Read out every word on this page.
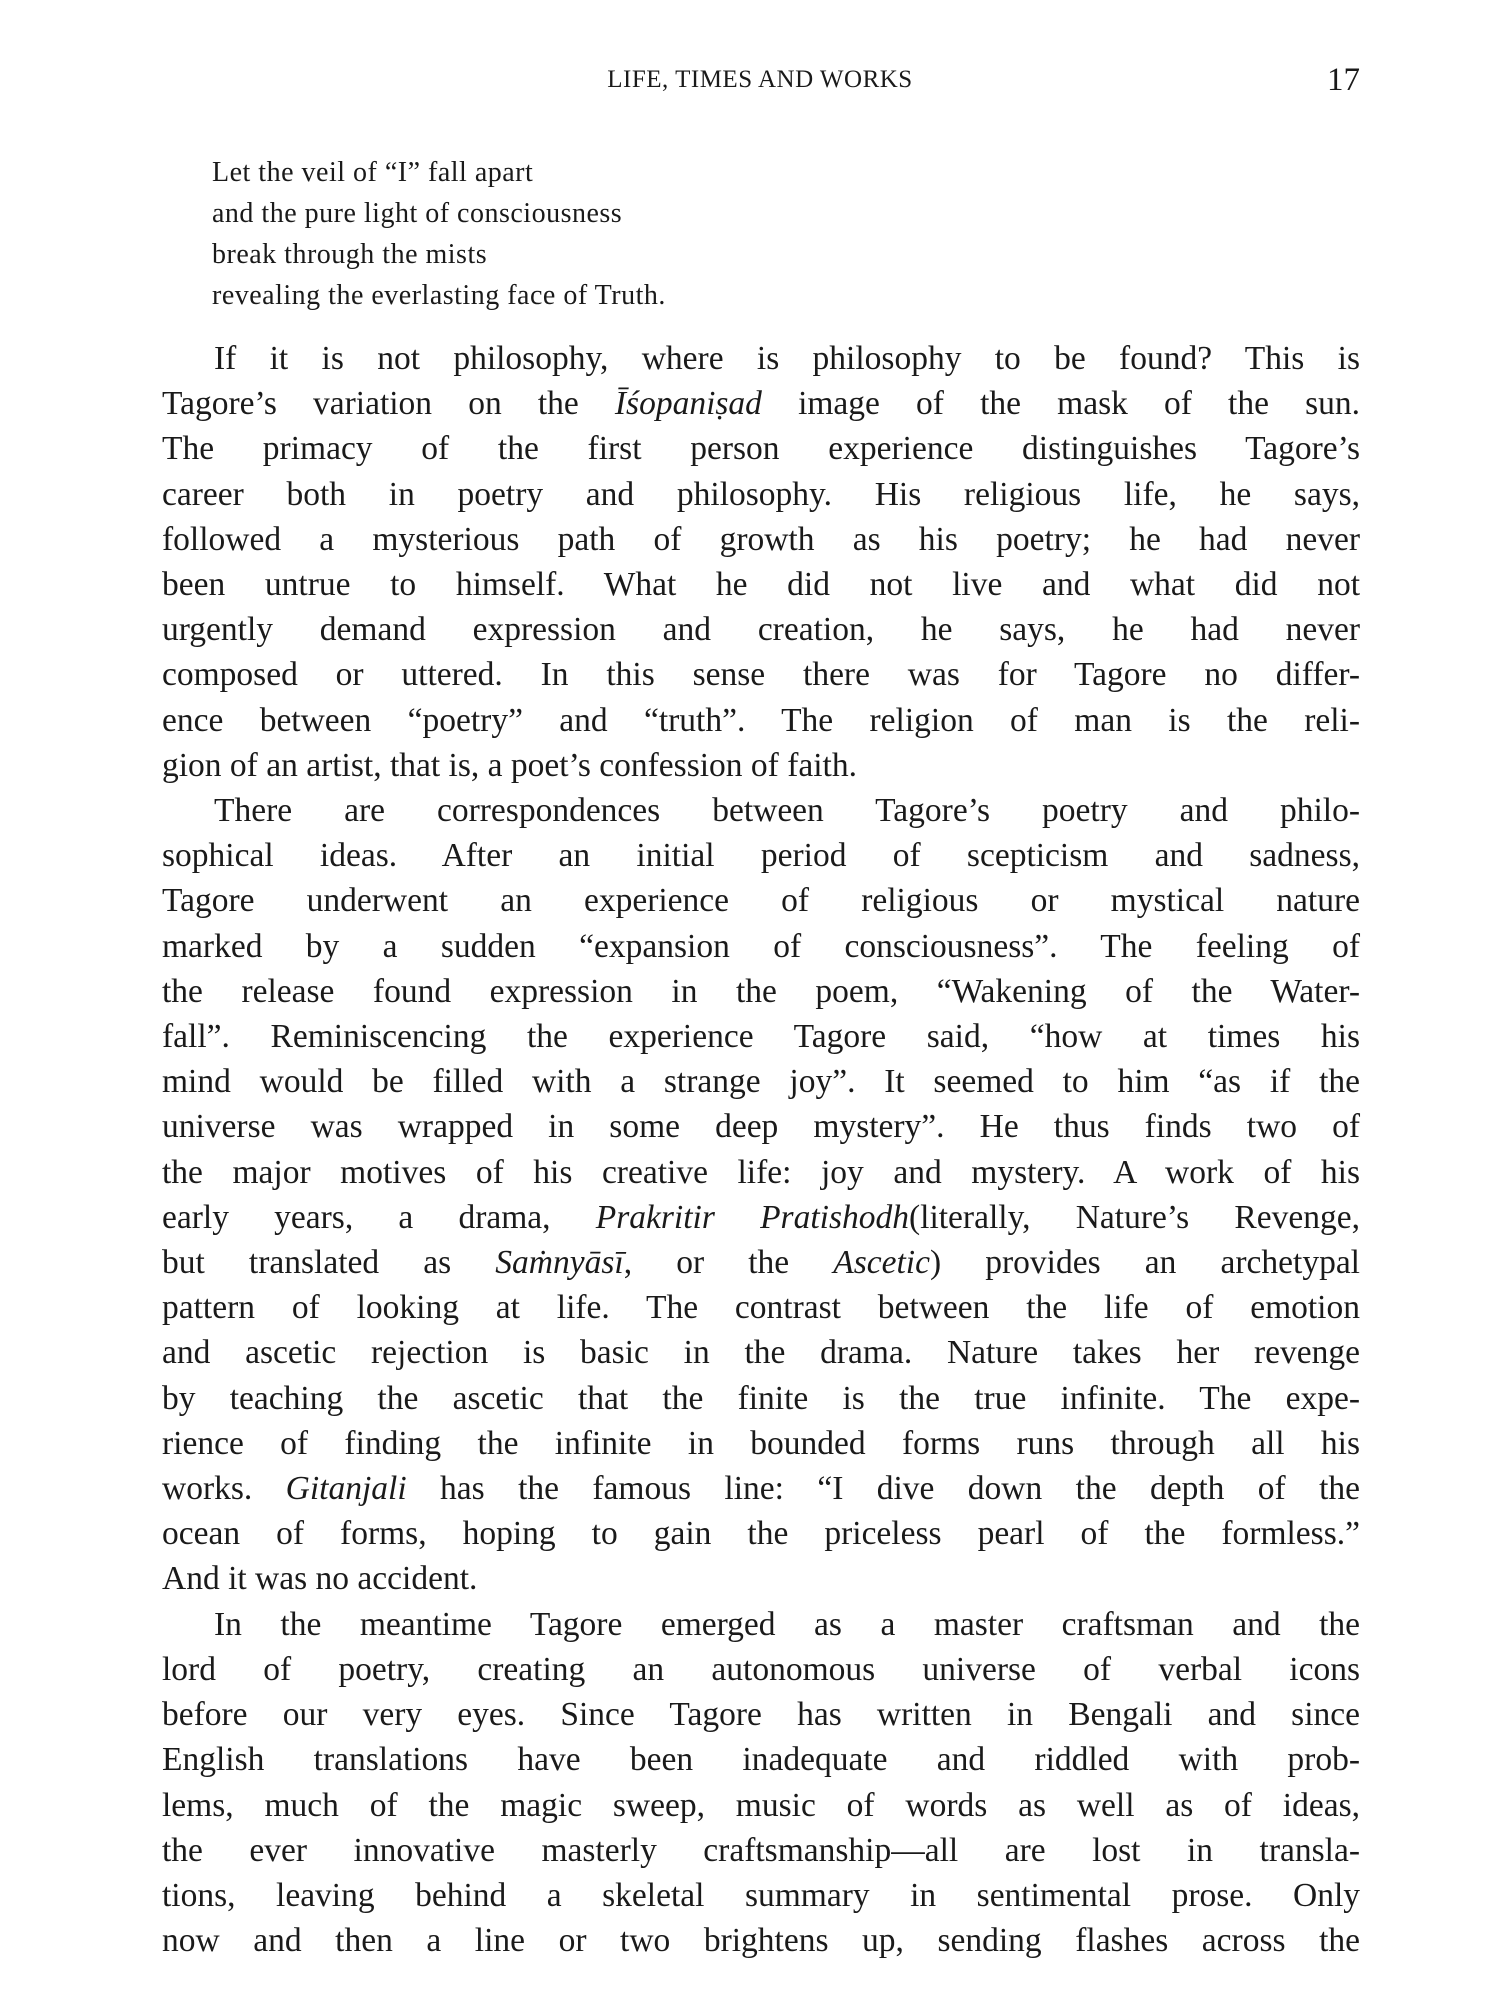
LIFE, TIMES AND WORKS	17
Let the veil of “I” fall apart
and the pure light of consciousness
break through the mists
revealing the everlasting face of Truth.
If it is not philosophy, where is philosophy to be found? This is
Tagore’s variation on the Īśopaniṣad image of the mask of the sun.
The primacy of the first person experience distinguishes Tagore’s
career both in poetry and philosophy. His religious life, he says,
followed a mysterious path of growth as his poetry; he had never
been untrue to himself. What he did not live and what did not
urgently demand expression and creation, he says, he had never
composed or uttered. In this sense there was for Tagore no differ-
ence between “poetry” and “truth”. The religion of man is the reli-
gion of an artist, that is, a poet’s confession of faith.
There are correspondences between Tagore’s poetry and philo-
sophical ideas. After an initial period of scepticism and sadness,
Tagore underwent an experience of religious or mystical nature
marked by a sudden “expansion of consciousness”. The feeling of
the release found expression in the poem, “Wakening of the Water-
fall”. Reminiscencing the experience Tagore said, “how at times his
mind would be filled with a strange joy”. It seemed to him “as if the
universe was wrapped in some deep mystery”. He thus finds two of
the major motives of his creative life: joy and mystery. A work of his
early years, a drama, Prakritir Pratishodh(literally, Nature’s Revenge,
but translated as Saṁnyāsī, or the Ascetic) provides an archetypal
pattern of looking at life. The contrast between the life of emotion
and ascetic rejection is basic in the drama. Nature takes her revenge
by teaching the ascetic that the finite is the true infinite. The expe-
rience of finding the infinite in bounded forms runs through all his
works. Gitanjali has the famous line: “I dive down the depth of the
ocean of forms, hoping to gain the priceless pearl of the formless.”
And it was no accident.
In the meantime Tagore emerged as a master craftsman and the
lord of poetry, creating an autonomous universe of verbal icons
before our very eyes. Since Tagore has written in Bengali and since
English translations have been inadequate and riddled with prob-
lems, much of the magic sweep, music of words as well as of ideas,
the ever innovative masterly craftsmanship—all are lost in transla-
tions, leaving behind a skeletal summary in sentimental prose. Only
now and then a line or two brightens up, sending flashes across the
